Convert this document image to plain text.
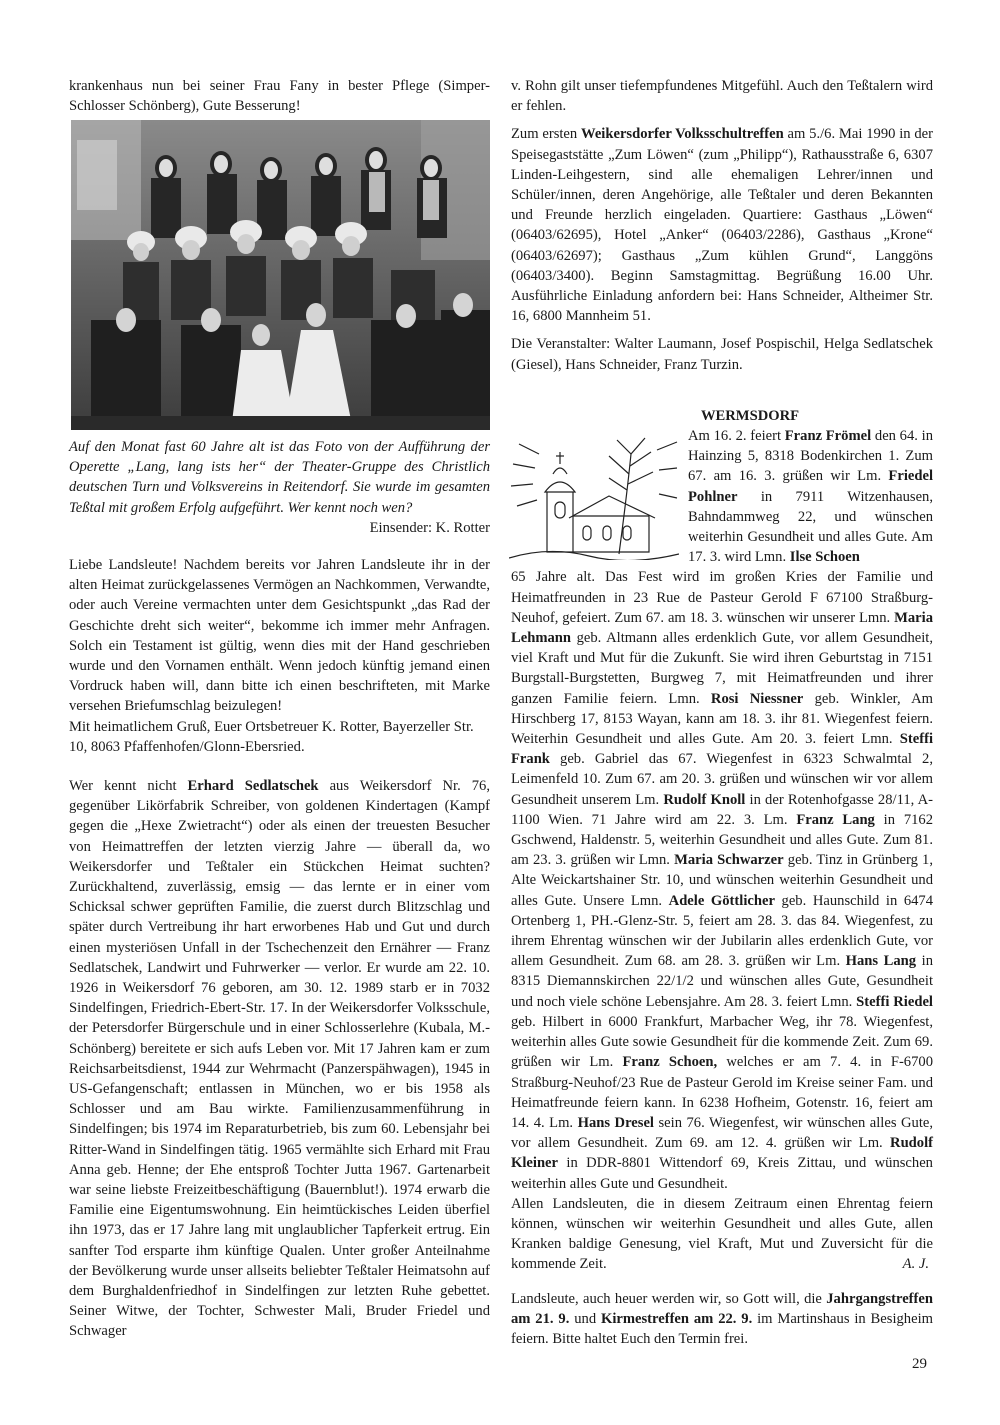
krankenhaus nun bei seiner Frau Fany in bester Pflege (Simper-Schlosser Schönberg), Gute Besserung!

Auf den Monat fast 60 Jahre alt ist das Foto von der Aufführung der Operette „Lang, lang ists her“ der Theater-Gruppe des Christlich deutschen Turn und Volksvereins in Reitendorf. Sie wurde im gesamten Teßtal mit großem Erfolg aufgeführt. Wer kennt noch wen?
Einsender: K. Rotter

Liebe Landsleute! Nachdem bereits vor Jahren Landsleute ihr in der alten Heimat zurückgelassenes Vermögen an Nachkommen, Verwandte, oder auch Vereine vermachten unter dem Gesichtspunkt „das Rad der Geschichte dreht sich weiter“, bekomme ich immer mehr Anfragen. Solch ein Testament ist gültig, wenn dies mit der Hand geschrieben wurde und den Vornamen enthält. Wenn jedoch künftig jemand einen Vordruck haben will, dann bitte ich einen beschrifteten, mit Marke versehen Briefumschlag beizulegen!

Mit heimatlichem Gruß, Euer Ortsbetreuer K. Rotter, Bayerzeller Str. 10, 8063 Pfaffenhofen/Glonn-Ebersried.

Wer kennt nicht Erhard Sedlatschek aus Weikersdorf Nr. 76, gegenüber Likörfabrik Schreiber, von goldenen Kindertagen (Kampf gegen die „Hexe Zwietracht“) oder als einen der treuesten Besucher von Heimattreffen der letzten vierzig Jahre — überall da, wo Weikersdorfer und Teßtaler ein Stückchen Heimat suchten? Zurückhaltend, zuverlässig, emsig — das lernte er in einer vom Schicksal schwer geprüften Familie, die zuerst durch Blitzschlag und später durch Vertreibung ihr hart erworbenes Hab und Gut und durch einen mysteriösen Unfall in der Tschechenzeit den Ernährer — Franz Sedlatschek, Landwirt und Fuhrwerker — verlor. Er wurde am 22. 10. 1926 in Weikersdorf 76 geboren, am 30. 12. 1989 starb er in 7032 Sindelfingen, Friedrich-Ebert-Str. 17. In der Weikersdorfer Volksschule, der Petersdorfer Bürgerschule und in einer Schlosserlehre (Kubala, M.-Schönberg) bereitete er sich aufs Leben vor. Mit 17 Jahren kam er zum Reichsarbeitsdienst, 1944 zur Wehrmacht (Panzerspähwagen), 1945 in US-Gefangenschaft; entlassen in München, wo er bis 1958 als Schlosser und am Bau wirkte. Familienzusammenführung in Sindelfingen; bis 1974 im Reparaturbetrieb, bis zum 60. Lebensjahr bei Ritter-Wand in Sindelfingen tätig. 1965 vermählte sich Erhard mit Frau Anna geb. Henne; der Ehe entsproß Tochter Jutta 1967. Gartenarbeit war seine liebste Freizeitbeschäftigung (Bauernblut!). 1974 erwarb die Familie eine Eigentumswohnung. Ein heimtückisches Leiden überfiel ihn 1973, das er 17 Jahre lang mit unglaublicher Tapferkeit ertrug. Ein sanfter Tod ersparte ihm künftige Qualen. Unter großer Anteilnahme der Bevölkerung wurde unser allseits beliebter Teßtaler Heimatsohn auf dem Burghaldenfriedhof in Sindelfingen zur letzten Ruhe gebettet. Seiner Witwe, der Tochter, Schwester Mali, Bruder Friedel und Schwager

v. Rohn gilt unser tiefempfundenes Mitgefühl. Auch den Teßtalern wird er fehlen.

Zum ersten Weikersdorfer Volksschultreffen am 5./6. Mai 1990 in der Speisegaststätte „Zum Löwen“ (zum „Philipp“), Rathausstraße 6, 6307 Linden-Leihgestern, sind alle ehemaligen Lehrer/innen und Schüler/innen, deren Angehörige, alle Teßtaler und deren Bekannten und Freunde herzlich eingeladen. Quartiere: Gasthaus „Löwen“ (06403/62695), Hotel „Anker“ (06403/2286), Gasthaus „Krone“ (06403/62697); Gasthaus „Zum kühlen Grund“, Langgöns (06403/3400). Beginn Samstagmittag. Begrüßung 16.00 Uhr. Ausführliche Einladung anfordern bei: Hans Schneider, Altheimer Str. 16, 6800 Mannheim 51.

Die Veranstalter: Walter Laumann, Josef Pospischil, Helga Sedlatschek (Giesel), Hans Schneider, Franz Turzin.

WERMSDORF

Am 16. 2. feiert Franz Frömel den 64. in Hainzing 5, 8318 Bodenkirchen 1. Zum 67. am 16. 3. grüßen wir Lm. Friedel Pohlner in 7911 Witzenhausen, Bahndammweg 22, und wünschen weiterhin Gesundheit und alles Gute. Am 17. 3. wird Lmn. Ilse Schoen

65 Jahre alt. Das Fest wird im großen Kries der Familie und Heimatfreunden in 23 Rue de Pasteur Gerold F 67100 Straßburg-Neuhof, gefeiert. Zum 67. am 18. 3. wünschen wir unserer Lmn. Maria Lehmann geb. Altmann alles erdenklich Gute, vor allem Gesundheit, viel Kraft und Mut für die Zukunft. Sie wird ihren Geburtstag in 7151 Burgstall-Burgstetten, Burgweg 7, mit Heimatfreunden und ihrer ganzen Familie feiern. Lmn. Rosi Niessner geb. Winkler, Am Hirschberg 17, 8153 Wayan, kann am 18. 3. ihr 81. Wiegenfest feiern. Weiterhin Gesundheit und alles Gute. Am 20. 3. feiert Lmn. Steffi Frank geb. Gabriel das 67. Wiegenfest in 6323 Schwalmtal 2, Leimenfeld 10. Zum 67. am 20. 3. grüßen und wünschen wir vor allem Gesundheit unserem Lm. Rudolf Knoll in der Rotenhofgasse 28/11, A-1100 Wien. 71 Jahre wird am 22. 3. Lm. Franz Lang in 7162 Gschwend, Haldenstr. 5, weiterhin Gesundheit und alles Gute. Zum 81. am 23. 3. grüßen wir Lmn. Maria Schwarzer geb. Tinz in Grünberg 1, Alte Weickartshainer Str. 10, und wünschen weiterhin Gesundheit und alles Gute. Unsere Lmn. Adele Göttlicher geb. Haunschild in 6474 Ortenberg 1, PH.-Glenz-Str. 5, feiert am 28. 3. das 84. Wiegenfest, zu ihrem Ehrentag wünschen wir der Jubilarin alles erdenklich Gute, vor allem Gesundheit. Zum 68. am 28. 3. grüßen wir Lm. Hans Lang in 8315 Diemannskirchen 22/1/2 und wünschen alles Gute, Gesundheit und noch viele schöne Lebensjahre. Am 28. 3. feiert Lmn. Steffi Riedel geb. Hilbert in 6000 Frankfurt, Marbacher Weg, ihr 78. Wiegenfest, weiterhin alles Gute sowie Gesundheit für die kommende Zeit. Zum 69. grüßen wir Lm. Franz Schoen, welches er am 7. 4. in F-6700 Straßburg-Neuhof/23 Rue de Pasteur Gerold im Kreise seiner Fam. und Heimatfreunde feiern kann. In 6238 Hofheim, Gotenstr. 16, feiert am 14. 4. Lm. Hans Dresel sein 76. Wiegenfest, wir wünschen alles Gute, vor allem Gesundheit. Zum 69. am 12. 4. grüßen wir Lm. Rudolf Kleiner in DDR-8801 Wittendorf 69, Kreis Zittau, und wünschen weiterhin alles Gute und Gesundheit.

Allen Landsleuten, die in diesem Zeitraum einen Ehrentag feiern können, wünschen wir weiterhin Gesundheit und alles Gute, allen Kranken baldige Genesung, viel Kraft, Mut und Zuversicht für die kommende Zeit.	A. J.

Landsleute, auch heuer werden wir, so Gott will, die Jahrgangstreffen am 21. 9. und Kirmestreffen am 22. 9. im Martinshaus in Besigheim feiern. Bitte haltet Euch den Termin frei.

29
